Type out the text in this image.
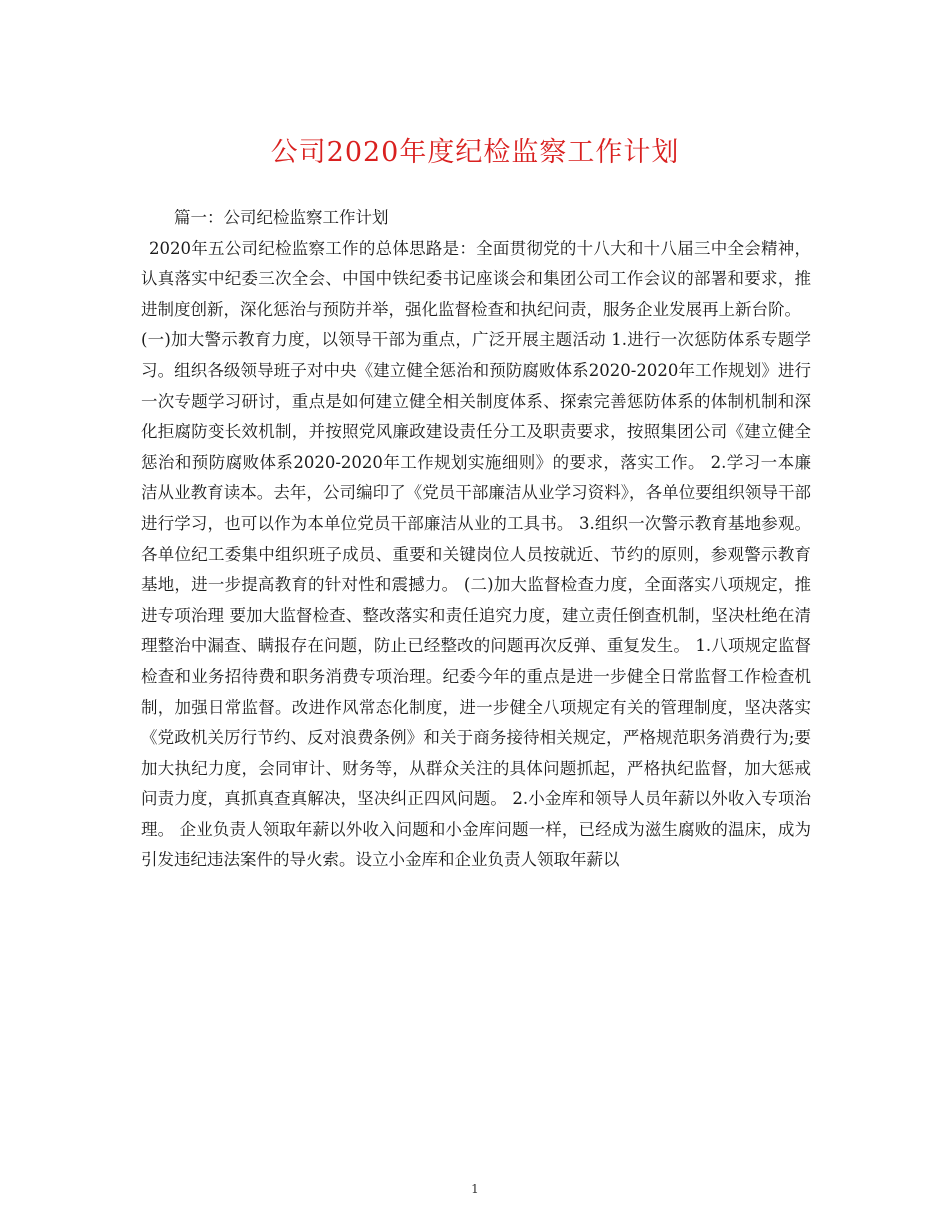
公司2020年度纪检监察工作计划

篇一：公司纪检监察工作计划

2020年五公司纪检监察工作的总体思路是：全面贯彻党的十八大和十八届三中全会精神，认真落实中纪委三次全会、中国中铁纪委书记座谈会和集团公司工作会议的部署和要求，推进制度创新，深化惩治与预防并举，强化监督检查和执纪问责，服务企业发展再上新台阶。

(一)加大警示教育力度，以领导干部为重点，广泛开展主题活动 1.进行一次惩防体系专题学习。组织各级领导班子对中央《建立健全惩治和预防腐败体系2020-2020年工作规划》进行一次专题学习研讨，重点是如何建立健全相关制度体系、探索完善惩防体系的体制机制和深化拒腐防变长效机制，并按照党风廉政建设责任分工及职责要求，按照集团公司《建立健全惩治和预防腐败体系2020-2020年工作规划实施细则》的要求，落实工作。 2.学习一本廉洁从业教育读本。去年，公司编印了《党员干部廉洁从业学习资料》，各单位要组织领导干部进行学习，也可以作为本单位党员干部廉洁从业的工具书。 3.组织一次警示教育基地参观。各单位纪工委集中组织班子成员、重要和关键岗位人员按就近、节约的原则，参观警示教育基地，进一步提高教育的针对性和震撼力。 (二)加大监督检查力度，全面落实八项规定，推进专项治理 要加大监督检查、整改落实和责任追究力度，建立责任倒查机制，坚决杜绝在清理整治中漏查、瞒报存在问题，防止已经整改的问题再次反弹、重复发生。 1.八项规定监督检查和业务招待费和职务消费专项治理。纪委今年的重点是进一步健全日常监督工作检查机制，加强日常监督。改进作风常态化制度，进一步健全八项规定有关的管理制度，坚决落实《党政机关厉行节约、反对浪费条例》和关于商务接待相关规定，严格规范职务消费行为;要加大执纪力度，会同审计、财务等，从群众关注的具体问题抓起，严格执纪监督，加大惩戒问责力度，真抓真查真解决，坚决纠正四风问题。 2.小金库和领导人员年薪以外收入专项治理。 企业负责人领取年薪以外收入问题和小金库问题一样，已经成为滋生腐败的温床，成为引发违纪违法案件的导火索。设立小金库和企业负责人领取年薪以

1
